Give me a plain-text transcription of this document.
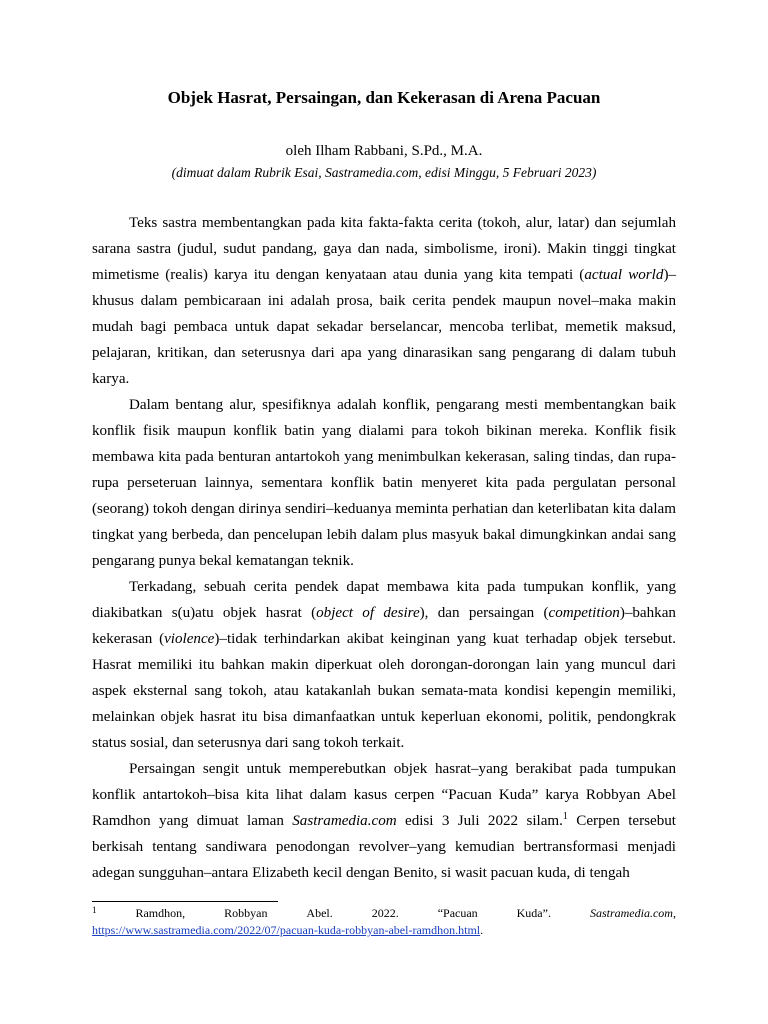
Objek Hasrat, Persaingan, dan Kekerasan di Arena Pacuan
oleh Ilham Rabbani, S.Pd., M.A.
(dimuat dalam Rubrik Esai, Sastramedia.com, edisi Minggu, 5 Februari 2023)

Teks sastra membentangkan pada kita fakta-fakta cerita (tokoh, alur, latar) dan sejumlah sarana sastra (judul, sudut pandang, gaya dan nada, simbolisme, ironi). Makin tinggi tingkat mimetisme (realis) karya itu dengan kenyataan atau dunia yang kita tempati (actual world)–khusus dalam pembicaraan ini adalah prosa, baik cerita pendek maupun novel–maka makin mudah bagi pembaca untuk dapat sekadar berselancar, mencoba terlibat, memetik maksud, pelajaran, kritikan, dan seterusnya dari apa yang dinarasikan sang pengarang di dalam tubuh karya.

Dalam bentang alur, spesifiknya adalah konflik, pengarang mesti membentangkan baik konflik fisik maupun konflik batin yang dialami para tokoh bikinan mereka. Konflik fisik membawa kita pada benturan antartokoh yang menimbulkan kekerasan, saling tindas, dan rupa-rupa perseteruan lainnya, sementara konflik batin menyeret kita pada pergulatan personal (seorang) tokoh dengan dirinya sendiri–keduanya meminta perhatian dan keterlibatan kita dalam tingkat yang berbeda, dan pencelupan lebih dalam plus masyuk bakal dimungkinkan andai sang pengarang punya bekal kematangan teknik.

Terkadang, sebuah cerita pendek dapat membawa kita pada tumpukan konflik, yang diakibatkan s(u)atu objek hasrat (object of desire), dan persaingan (competition)–bahkan kekerasan (violence)–tidak terhindarkan akibat keinginan yang kuat terhadap objek tersebut. Hasrat memiliki itu bahkan makin diperkuat oleh dorongan-dorongan lain yang muncul dari aspek eksternal sang tokoh, atau katakanlah bukan semata-mata kondisi kepengin memiliki, melainkan objek hasrat itu bisa dimanfaatkan untuk keperluan ekonomi, politik, pendongkrak status sosial, dan seterusnya dari sang tokoh terkait.

Persaingan sengit untuk memperebutkan objek hasrat–yang berakibat pada tumpukan konflik antartokoh–bisa kita lihat dalam kasus cerpen “Pacuan Kuda” karya Robbyan Abel Ramdhon yang dimuat laman Sastramedia.com edisi 3 Juli 2022 silam.$^1$ Cerpen tersebut berkisah tentang sandiwara penodongan revolver–yang kemudian bertransformasi menjadi adegan sungguhan–antara Elizabeth kecil dengan Benito, si wasit pacuan kuda, di tengah

1	Ramdhon,	Robbyan	Abel.	2022.	“Pacuan	Kuda”.	Sastramedia.com,
https://www.sastramedia.com/2022/07/pacuan-kuda-robbyan-abel-ramdhon.html.
